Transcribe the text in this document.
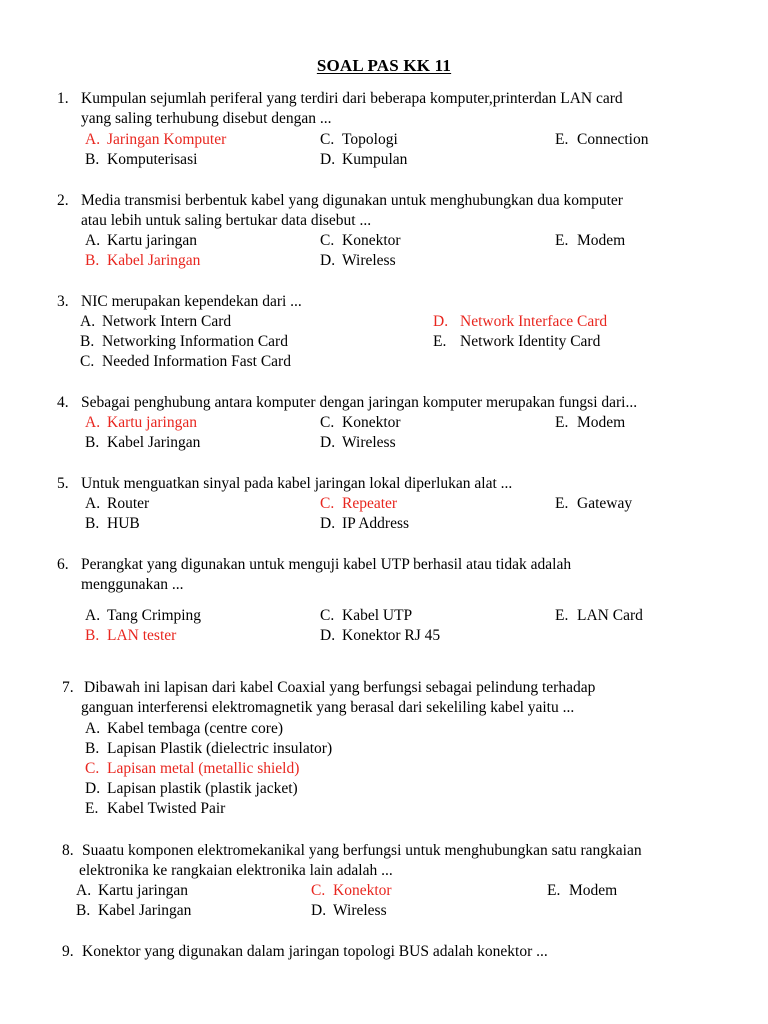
SOAL PAS KK 11
1. Kumpulan sejumlah periferal yang terdiri dari beberapa komputer,printerdan LAN card
yang saling terhubung disebut dengan ...
A. Jaringan Komputer	C. Topologi	E. Connection
B. Komputerisasi	D. Kumpulan
2. Media transmisi berbentuk kabel yang digunakan untuk menghubungkan dua komputer
atau lebih untuk saling bertukar data disebut ...
A. Kartu jaringan	C. Konektor	E. Modem
B. Kabel Jaringan	D. Wireless
3. NIC merupakan kependekan dari ...
A. Network Intern Card	D. Network Interface Card
B. Networking Information Card	E. Network Identity Card
C. Needed Information Fast Card
4. Sebagai penghubung antara komputer dengan jaringan komputer merupakan fungsi dari...
A. Kartu jaringan	C. Konektor	E. Modem
B. Kabel Jaringan	D. Wireless
5. Untuk menguatkan sinyal pada kabel jaringan lokal diperlukan alat ...
A. Router	C. Repeater	E. Gateway
B. HUB	D. IP Address
6. Perangkat yang digunakan untuk menguji kabel UTP berhasil atau tidak adalah
menggunakan ...
A. Tang Crimping	C. Kabel UTP	E. LAN Card
B. LAN tester	D. Konektor RJ 45
7. Dibawah ini lapisan dari kabel Coaxial yang berfungsi sebagai pelindung terhadap
ganguan interferensi elektromagnetik yang berasal dari sekeliling kabel yaitu ...
A. Kabel tembaga (centre core)
B. Lapisan Plastik (dielectric insulator)
C. Lapisan metal (metallic shield)
D. Lapisan plastik (plastik jacket)
E. Kabel Twisted Pair
8. Suaatu komponen elektromekanikal yang berfungsi untuk menghubungkan satu rangkaian
elektronika ke rangkaian elektronika lain adalah ...
A. Kartu jaringan	C. Konektor	E. Modem
B. Kabel Jaringan	D. Wireless
9. Konektor yang digunakan dalam jaringan topologi BUS adalah konektor ...
